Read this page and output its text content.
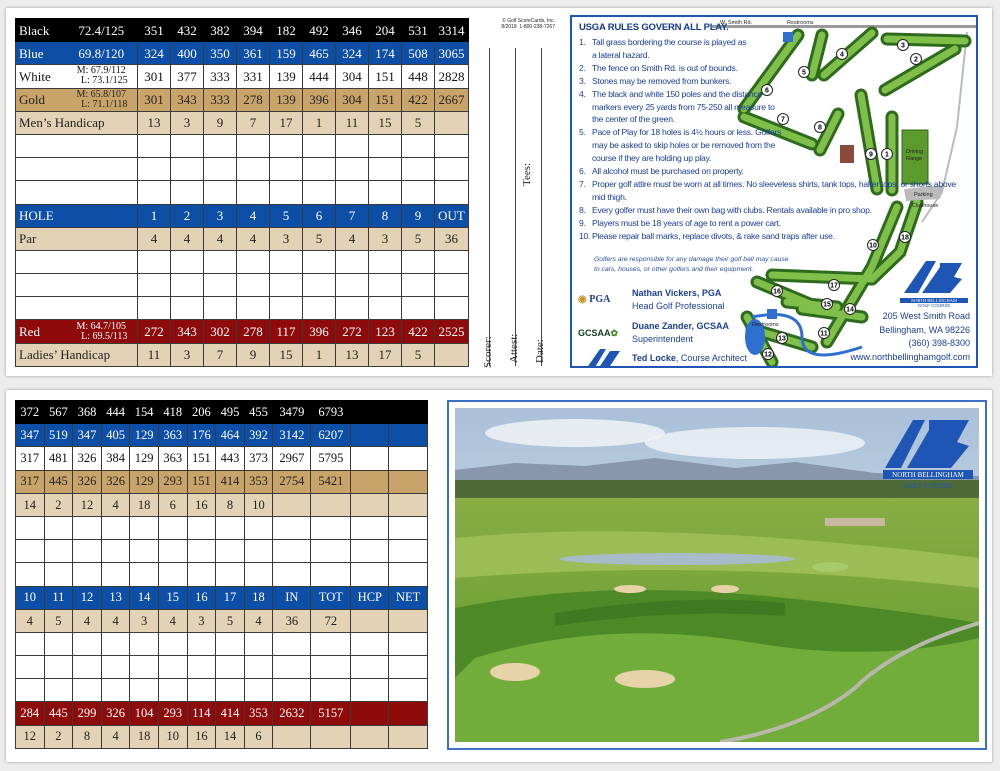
Black	72.4/125	351	432	382	394	182	492	346	204	531	3314
Blue	69.8/120	324	400	350	361	159	465	324	174	508	3065
White	M: 67.9/112
L: 73.1/125	301	377	333	331	139	444	304	151	448	2828
Gold	M: 65.8/107
L: 71.1/118	301	343	333	278	139	396	304	151	422	2667
Men’s Handicap		13	3	9	7	17	1	11	15	5	

HOLE		1	2	3	4	5	6	7	8	9	OUT
Par		4	4	4	4	3	5	4	3	5	36

Red	M: 64.7/105
L: 69.5/113	272	343	302	278	117	396	272	123	422	2525
Ladies’ Handicap		11	3	7	9	15	1	13	17	5	
© Golf ScoreCards, Inc.
8/2018 1-800-238-7267
Tees:
Scorer: Attest: Date:
W. Smith Rd.	Restrooms
Driving
Range
Parking
Clubhouse
Restrooms
1
2
3
4
5
6
7
8
9
10
11
12
13
14
15
16
17
18
USGA RULES GOVERN ALL PLAY.
1. Tall grass bordering the course is played as a lateral hazard.
2. The fence on Smith Rd. is out of bounds.
3. Stones may be removed from bunkers.
4. The black and white 150 poles and the distance markers every 25 yards from 75-250 all measure to the center of the green.
5. Pace of Play for 18 holes is 4½ hours or less. Golfers may be asked to skip holes or be removed from the course if they are holding up play.
6. All alcohol must be purchased on property.
7. Proper golf attire must be worn at all times. No sleeveless shirts, tank tops, halter tops, or shorts above mid thigh.
8. Every golfer must have their own bag with clubs. Rentals available in pro shop.
9. Players must be 18 years of age to rent a power cart.
10. Please repair ball marks, replace divots, & rake sand traps after use.
Golfers are responsible for any damage their golf ball may cause to cars, houses, or other golfers and their equipment.
◉ PGA
Nathan Vickers, PGA
Head Golf Professional
GCSAA✿
Duane Zander, GCSAA
Superintendent
Ted Locke, Course Architect
NORTH BELLINGHAM
GOLF COURSE
205 West Smith Road
Bellingham, WA 98226
(360) 398-8300
www.northbellinghamgolf.com
372	567	368	444	154	418	206	495	455	3479	6793		
347	519	347	405	129	363	176	464	392	3142	6207		
317	481	326	384	129	363	151	443	373	2967	5795		
317	445	326	326	129	293	151	414	353	2754	5421		
14	2	12	4	18	6	16	8	10				

10	11	12	13	14	15	16	17	18	IN	TOT	HCP	NET
4	5	4	4	3	4	3	5	4	36	72		

284	445	299	326	104	293	114	414	353	2632	5157		
12	2	8	4	18	10	16	14	6				
NORTH BELLINGHAM
GOLF COURSE
